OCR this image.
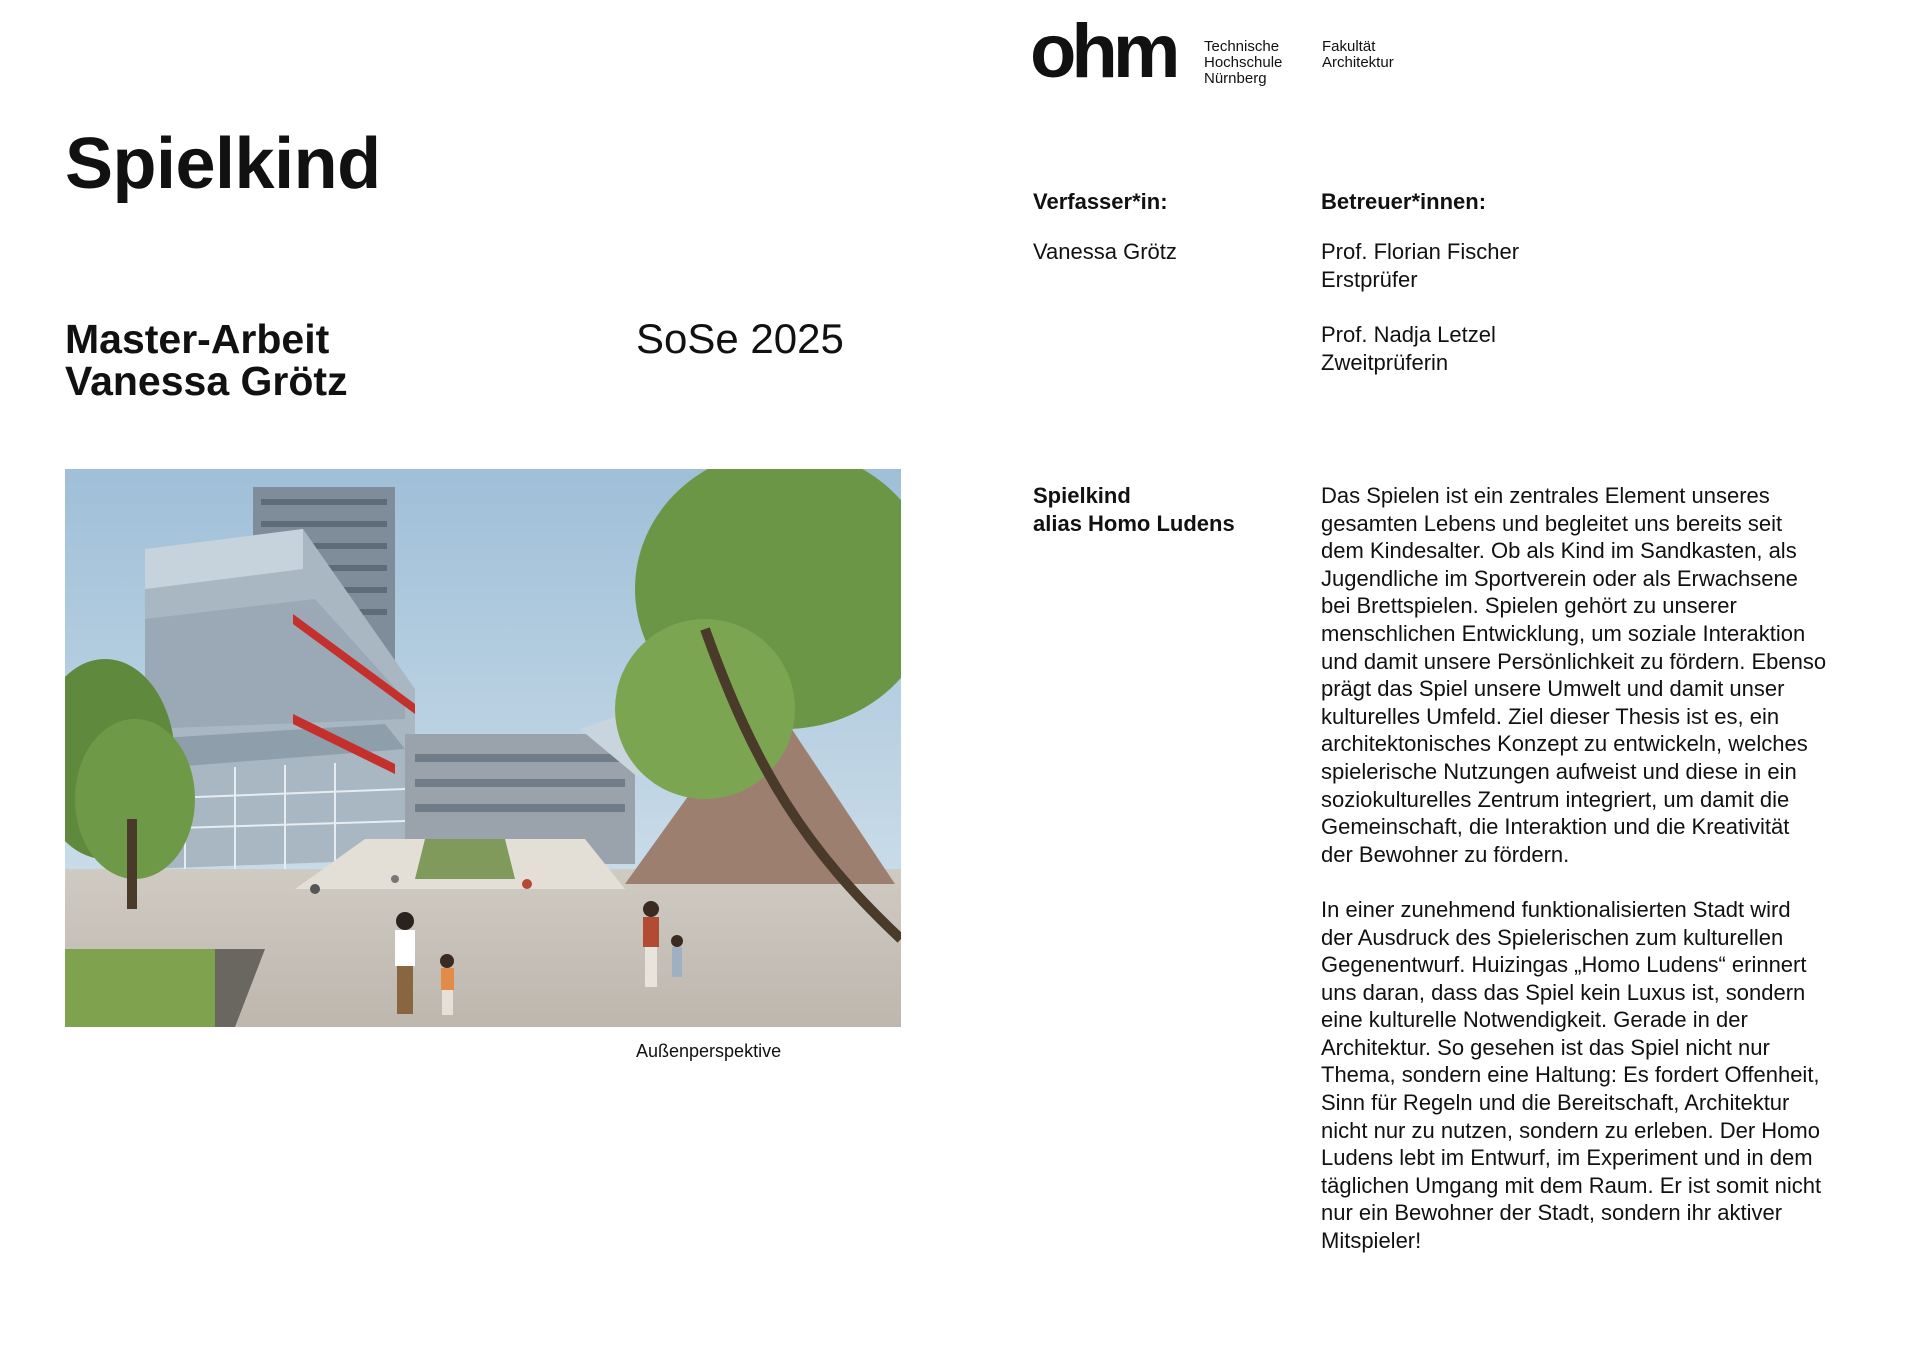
ohm Technische
Hochschule
Nürnberg
Fakultät
Architektur
Spielkind
Master-Arbeit
Vanessa Grötz
SoSe 2025
Außenperspektive
Verfasser*in:
Vanessa Grötz
Betreuer*innen:
Prof. Florian Fischer
Erstprüfer
Prof. Nadja Letzel
Zweitprüferin
Spielkind
alias Homo Ludens
Das Spielen ist ein zentrales Element unseres
gesamten Lebens und begleitet uns bereits seit
dem Kindesalter. Ob als Kind im Sandkasten, als
Jugendliche im Sportverein oder als Erwachsene
bei Brettspielen. Spielen gehört zu unserer
menschlichen Entwicklung, um soziale Interaktion
und damit unsere Persönlichkeit zu fördern. Ebenso
prägt das Spiel unsere Umwelt und damit unser
kulturelles Umfeld. Ziel dieser Thesis ist es, ein
architektonisches Konzept zu entwickeln, welches
spielerische Nutzungen aufweist und diese in ein
soziokulturelles Zentrum integriert, um damit die
Gemeinschaft, die Interaktion und die Kreativität
der Bewohner zu fördern.
In einer zunehmend funktionalisierten Stadt wird
der Ausdruck des Spielerischen zum kulturellen
Gegenentwurf. Huizingas „Homo Ludens“ erinnert
uns daran, dass das Spiel kein Luxus ist, sondern
eine kulturelle Notwendigkeit. Gerade in der
Architektur. So gesehen ist das Spiel nicht nur
Thema, sondern eine Haltung: Es fordert Offenheit,
Sinn für Regeln und die Bereitschaft, Architektur
nicht nur zu nutzen, sondern zu erleben. Der Homo
Ludens lebt im Entwurf, im Experiment und in dem
täglichen Umgang mit dem Raum. Er ist somit nicht
nur ein Bewohner der Stadt, sondern ihr aktiver
Mitspieler!
